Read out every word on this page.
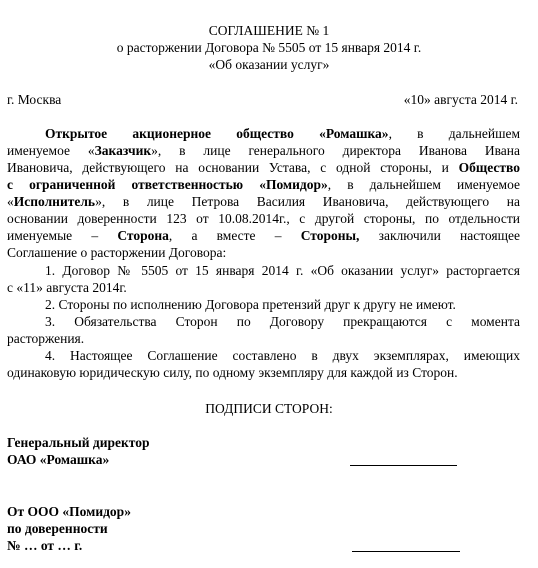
СОГЛАШЕНИЕ № 1
о расторжении Договора № 5505 от 15 января 2014 г.
«Об оказании услуг»
г. Москва	«10» августа 2014 г.
Открытое акционерное общество «Ромашка», в дальнейшем
именуемое «Заказчик», в лице генерального директора Иванова Ивана
Ивановича, действующего на основании Устава, с одной стороны, и Общество
с ограниченной ответственностью «Помидор», в дальнейшем именуемое
«Исполнитель», в лице Петрова Василия Ивановича, действующего на
основании доверенности 123 от 10.08.2014г., с другой стороны, по отдельности
именуемые – Сторона, а вместе – Стороны, заключили настоящее
Соглашение о расторжении Договора:
1. Договор № 5505 от 15 января 2014 г. «Об оказании услуг» расторгается
с «11» августа 2014г.
2. Стороны по исполнению Договора претензий друг к другу не имеют.
3. Обязательства Сторон по Договору прекращаются с момента
расторжения.
4. Настоящее Соглашение составлено в двух экземплярах, имеющих
одинаковую юридическую силу, по одному экземпляру для каждой из Сторон.
ПОДПИСИ СТОРОН:
Генеральный директор
ОАО «Ромашка»
От ООО «Помидор»
по доверенности
№ … от … г.
